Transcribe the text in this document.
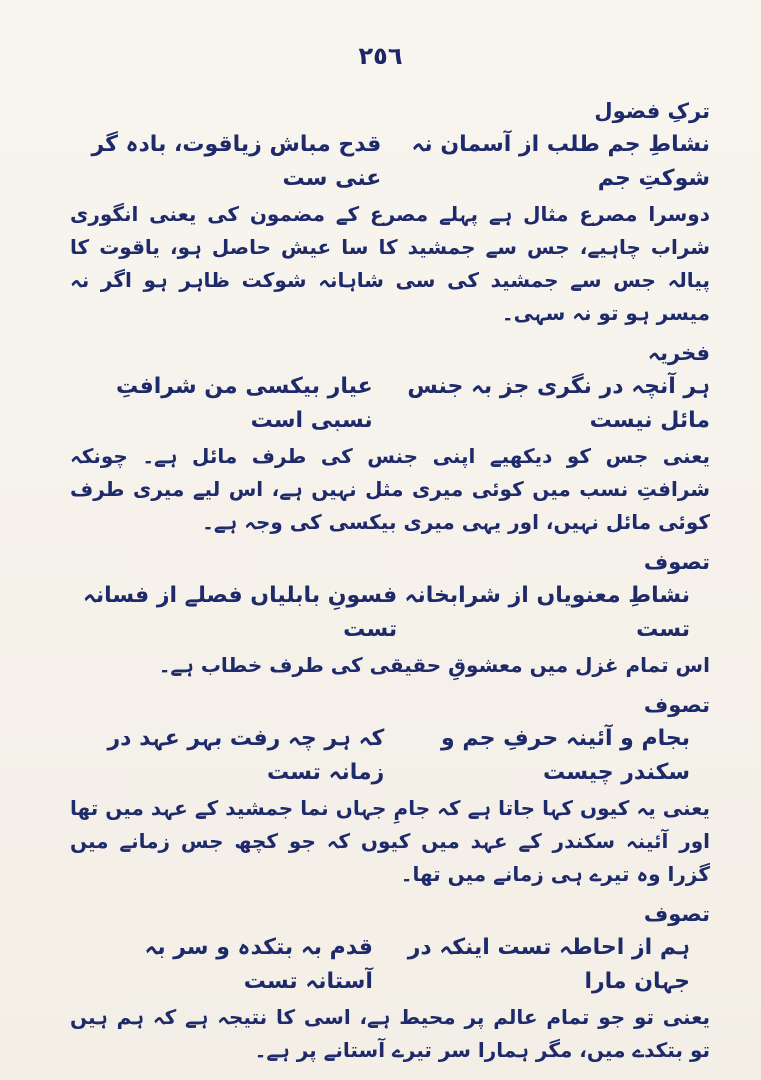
٢٥٦

ترکِ فضول

نشاطِ جم طلب از آسمان نہ شوکتِ جم
قدح مباش زیاقوت، بادہ گر عنی ست

دوسرا مصرع مثال ہے پہلے مصرع کے مضمون کی یعنی انگوری شراب چاہیے، جس سے جمشید کا سا عیش حاصل ہو، یاقوت کا پیالہ جس سے جمشید کی سی شاہانہ شوکت ظاہر ہو اگر نہ میسر ہو تو نہ سہی۔

فخریہ

ہر آنچہ در نگری جز بہ جنس مائل نیست
عیار بیکسی من شرافتِ نسبی است

یعنی جس کو دیکھیے اپنی جنس کی طرف مائل ہے۔ چونکہ شرافتِ نسب میں کوئی میری مثل نہیں ہے، اس لیے میری طرف کوئی مائل نہیں، اور یہی میری بیکسی کی وجہ ہے۔

تصوف

نشاطِ معنویاں از شرابخانہ تست
فسونِ بابلیاں فصلے از فسانہ تست

اس تمام غزل میں معشوقِ حقیقی کی طرف خطاب ہے۔

تصوف

بجام و آئینہ حرفِ جم و سکندر چیست
کہ ہر چہ رفت بہر عہد در زمانہ تست

یعنی یہ کیوں کہا جاتا ہے کہ جامِ جہاں نما جمشید کے عہد میں تھا اور آئینہ سکندر کے عہد میں کیوں کہ جو کچھ جس زمانے میں گزرا وہ تیرے ہی زمانے میں تھا۔

تصوف

ہم از احاطہ تست اینکہ در جہان مارا
قدم بہ بتکدہ و سر بہ آستانہ تست

یعنی تو جو تمام عالم پر محیط ہے، اسی کا نتیجہ ہے کہ ہم ہیں تو بتکدے میں، مگر ہمارا سر تیرے آستانے پر ہے۔
